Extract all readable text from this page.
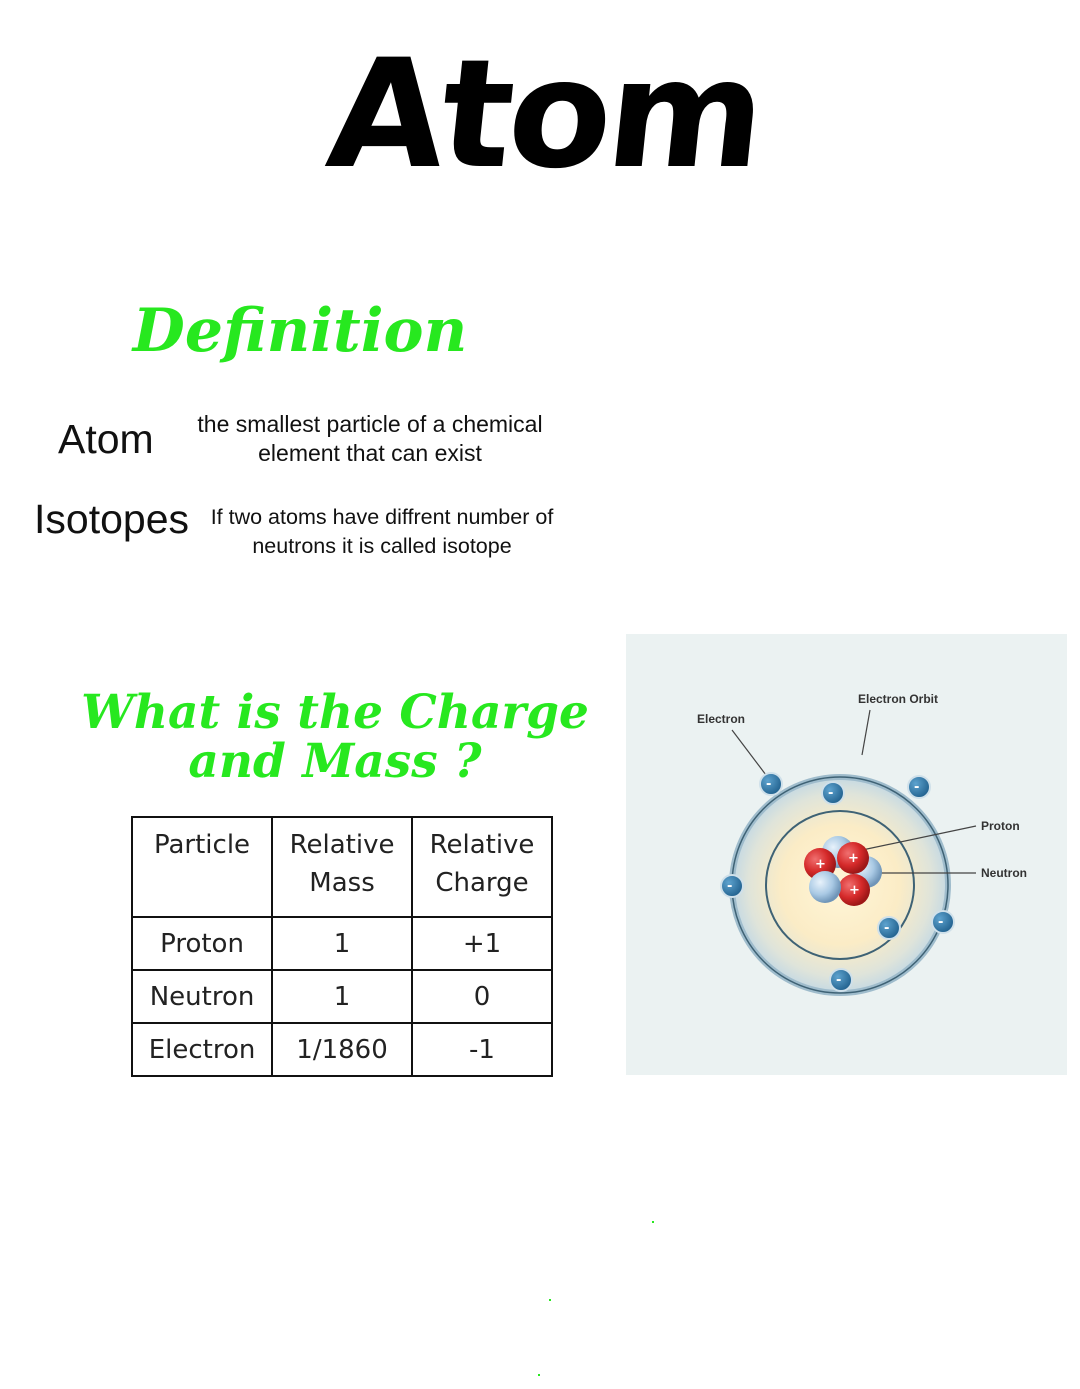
Atom
Definition
Atom	the smallest particle of a chemical element that can exist
Isotopes If two atoms have diffrent number of neutrons it is called isotope
What is the Charge and Mass ?
Particle	Relative Mass	Relative Charge
Proton	1	+1
Neutron	1	0
Electron	1/1860	-1
Electron
Electron Orbit
Proton
Neutron
+ +
+
-	-
-
-
-
-
-
